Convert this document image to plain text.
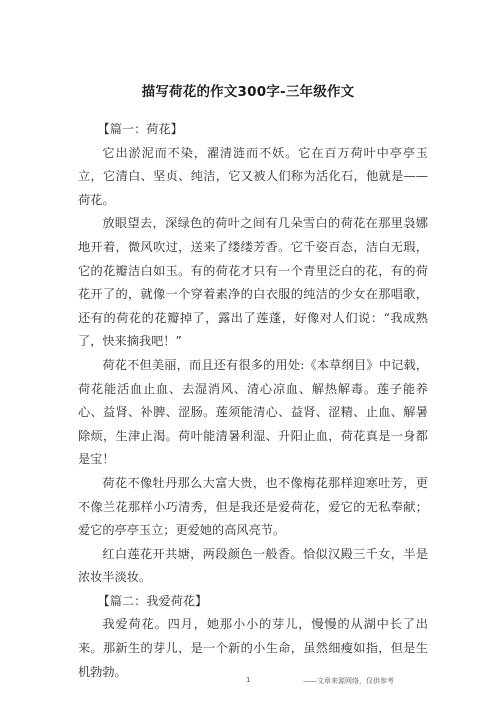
描写荷花的作文300字-三年级作文

【篇一：荷花】

它出淤泥而不染，濯清涟而不妖。它在百万荷叶中亭亭玉立，它清白、坚贞、纯洁，它又被人们称为活化石，他就是——荷花。

放眼望去，深绿色的荷叶之间有几朵雪白的荷花在那里袅娜地开着，微风吹过，送来了缕缕芳香。它千姿百态，洁白无瑕，它的花瓣洁白如玉。有的荷花才只有一个青里泛白的花，有的荷花开了的，就像一个穿着素净的白衣服的纯洁的少女在那唱歌，还有的荷花的花瓣掉了，露出了莲蓬，好像对人们说：“我成熟了，快来摘我吧！”

荷花不但美丽，而且还有很多的用处:《本草纲目》中记载，荷花能活血止血、去湿消风、清心凉血、解热解毒。莲子能养心、益肾、补脾、涩肠。莲须能清心、益肾、涩精、止血、解暑除烦，生津止渴。荷叶能清暑利湿、升阳止血，荷花真是一身都是宝！

荷花不像牡丹那么大富大贵，也不像梅花那样迎寒吐芳，更不像兰花那样小巧清秀，但是我还是爱荷花，爱它的无私奉献；爱它的亭亭玉立；更爱她的高风亮节。

红白莲花开共塘，两段颜色一般香。恰似汉殿三千女，半是浓妆半淡妆。

【篇二：我爱荷花】

我爱荷花。四月，她那小小的芽儿，慢慢的从湖中长了出来。那新生的芽儿，是一个新的小生命，虽然细瘦如指，但是生机勃勃。

1	——文章来源网络，仅供参考
